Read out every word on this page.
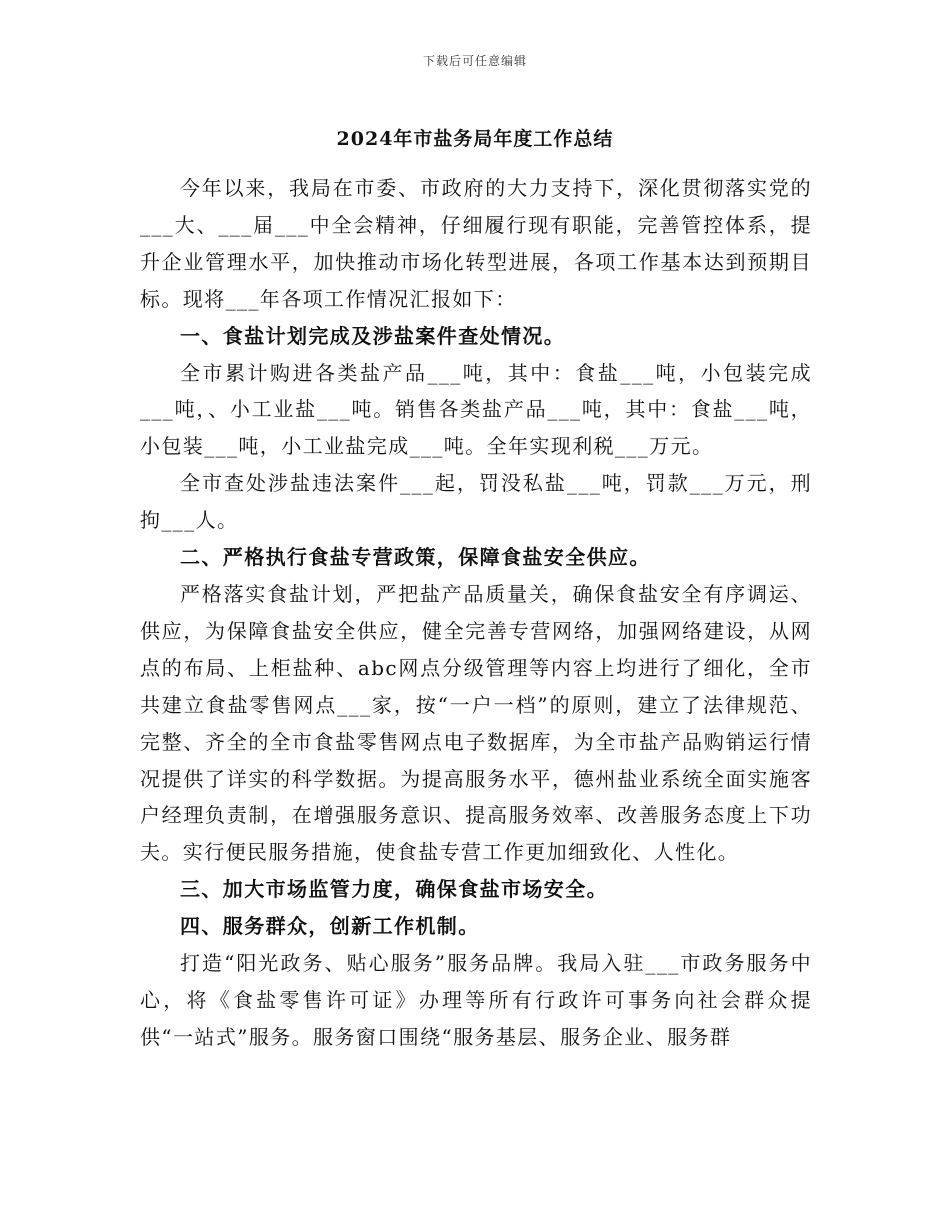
下载后可任意编辑
2024年市盐务局年度工作总结

今年以来，我局在市委、市政府的大力支持下，深化贯彻落实党的___大、___届___中全会精神，仔细履行现有职能，完善管控体系，提升企业管理水平，加快推动市场化转型进展，各项工作基本达到预期目标。现将___年各项工作情况汇报如下：

一、食盐计划完成及涉盐案件查处情况。

全市累计购进各类盐产品___吨，其中：食盐___吨，小包装完成___吨，、小工业盐___吨。销售各类盐产品___吨，其中：食盐___吨，小包装___吨，小工业盐完成___吨。全年实现利税___万元。

全市查处涉盐违法案件___起，罚没私盐___吨，罚款___万元，刑拘___人。

二、严格执行食盐专营政策，保障食盐安全供应。

严格落实食盐计划，严把盐产品质量关，确保食盐安全有序调运、供应，为保障食盐安全供应，健全完善专营网络，加强网络建设，从网点的布局、上柜盐种、abc网点分级管理等内容上均进行了细化，全市共建立食盐零售网点___家，按“一户一档”的原则，建立了法律规范、完整、齐全的全市食盐零售网点电子数据库，为全市盐产品购销运行情况提供了详实的科学数据。为提高服务水平，德州盐业系统全面实施客户经理负责制，在增强服务意识、提高服务效率、改善服务态度上下功夫。实行便民服务措施，使食盐专营工作更加细致化、人性化。

三、加大市场监管力度，确保食盐市场安全。

四、服务群众，创新工作机制。

打造“阳光政务、贴心服务”服务品牌。我局入驻___市政务服务中心，将《食盐零售许可证》办理等所有行政许可事务向社会群众提供“一站式”服务。服务窗口围绕“服务基层、服务企业、服务群
